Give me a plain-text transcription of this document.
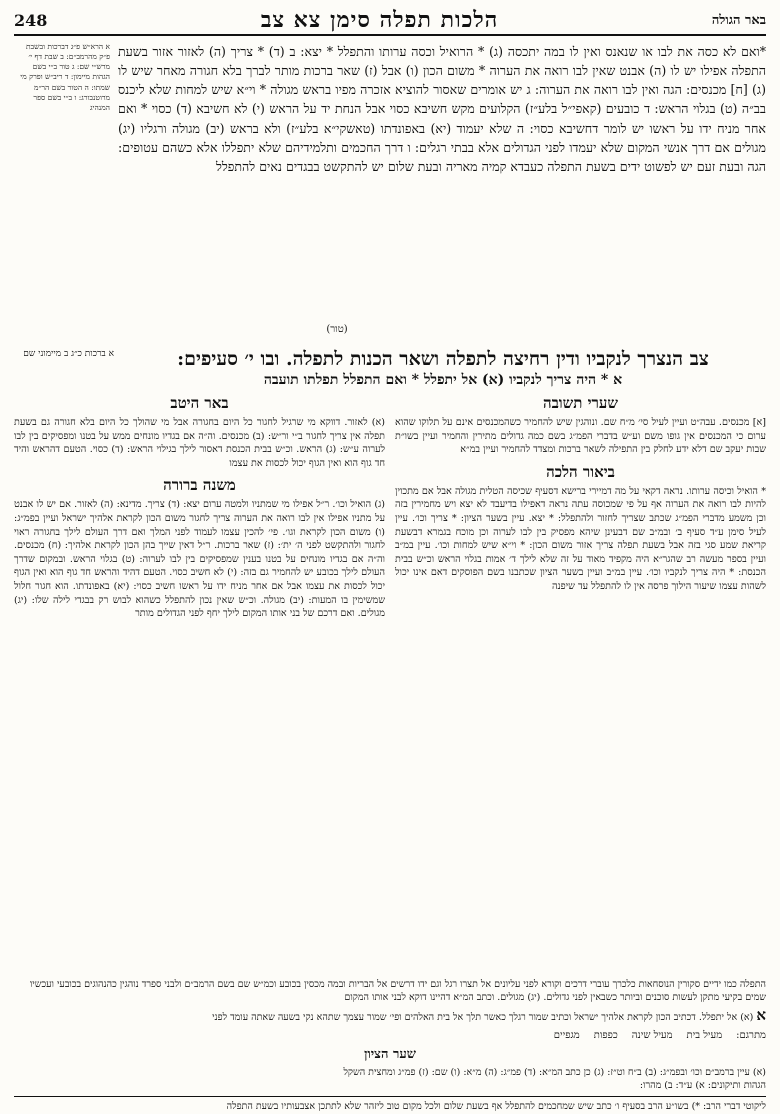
באר הגולה
הלכות תפלה סימן צא צב
248
*ואם לא כסה את לבו או שנאנס ואין לו במה יתכסה (ג) * הרואיל וכסה ערותו והתפלל * יצא: ב (ד) * צריך (ה) לאזור אזור בשעת התפלה אפילו יש לו (ה) אבנט שאין לבו רואה את הערוה * משום הכון (ו) אבל (ז) שאר ברכות מותר לברך בלא חגורה מאחר שיש לו (ג) [ח] מכנסים: הגה ואין לבו רואה את הערוה: ג יש אומרים שאסור להוציא אזכרה מפיו בראש מגולה * וי״א שיש למחות שלא ליכנס בב״ה (ט) בגלוי הראש: ד כובעים (קאפי״ל בלע״ז) הקלועים מקש חשיבא כסוי אבל הנחת יד על הראש (י) לא חשיבא (ד) כסוי * ואם אחר מניח ידו על ראשו יש לומר דחשיבא כסוי: ה שלא יעמוד (יא) באפונדתו (טאשקי״א בלע״ז) ולא בראש (יב) מגולה ורגליו (יג) מגולים אם דרך אנשי המקום שלא יעמדו לפני הגדולים אלא בבתי רגלים: ו דרך החכמים ותלמידיהם שלא יתפללו אלא כשהם עטופים: הגה ובעת זעם יש לפשוט ידים בשעת התפלה כעבדא קמיה מאריה ובעת שלום יש להתקשט בבגדים נאים להתפלל
א הרא״ש פ״ג דברכות ובשבת פ״ק מהרמב״ם: ב שבת דף י׳ מרש״י שם: ג טור ב״י בשם הגהות מיימון: ד ריב״ש ופרק מי שמתו: ה הטור בשם הר״מ מרוטנבורג: ו ב״י בשם ספר המנהיג
(טור)
א ברכות כ״ג ב מיימוני שם	צב הנצרך לנקביו ודין רחיצה לתפלה ושאר הכנות לתפלה. ובו י׳ סעיפים:
א * היה צריך לנקביו (א) אל יתפלל * ואם התפלל תפלתו תועבה
שערי תשובה
[א] מכנסים. עבה״ט ועיין לעיל סי׳ מ״ח שם. ונוהגין שיש להחמיר כשהמכנסים אינם על תלוקו שהוא ערום כי המכנסים אין גופו משם וע״ש בדברי הפמ״ג בשם כמה גדולים מתירין והחמיר ועיין בשו״ת שבות יעקב שם דלא ידע לחלק בין התפילה לשאר ברכות ומצדד להחמיר ועיין במ״א
ביאור הלכה
* הואיל וכיסה ערותו. נראה דקאי על מה דמיירי ברישא דסעיף שכיסה הטלית מגולה אבל אם מתכוין להיות לבו רואה את הערוה אף על פי שמכוסה עתה נראה דאפילו בדיעבד לא יצא ויש מחמירין בזה וכן משמע מדברי הפמ״ג שכתב שצריך לחזור ולהתפלל: * יצא. עיין בשער הציון: * צריך וכו׳. עיין לעיל סימן ע״ד סעיף ב׳ ובמ״ב שם דבעינן שיהא מפסיק בין לבו לערוה וכן מוכח בגמרא דבשעת קריאת שמע סגי בזה אבל בשעת תפלה צריך אזור משום הכון: * וי״א שיש למחות וכו׳. עיין במ״ב ועיין בספר מעשה רב שהגר״א היה מקפיד מאוד על זה שלא לילך ד׳ אמות בגלוי הראש וכ״ש בבית הכנסת: * היה צריך לנקביו וכו׳. עיין במ״ב ועיין בשער הציון שכתבנו בשם הפוסקים דאם אינו יכול לשהות עצמו שיעור הילוך פרסה אין לו להתפלל עד שיפנה
באר היטב
(א) לאזור. דווקא מי שרגיל לחגור כל היום בחגורה אבל מי שהולך כל היום בלא חגורה גם בשעת תפלה אין צריך לחגור ב״י ור״ש: (ב) מכנסים. וה״ה אם בגדיו מונחים ממש על בטנו ומפסיקים בין לבו לערוה ע״ש: (ג) הראש. וכ״ש בבית הכנסת דאסור לילך בגילוי הראש: (ד) כסוי. הטעם דהראש והיד חד גוף הוא ואין הגוף יכול לכסות את עצמו
משנה ברורה
(ג) הואיל וכו׳. ר״ל אפילו מי שמתניו ולמטה ערום יצא: (ד) צריך. מדינא: (ה) לאזור. אם יש לו אבנט על מתניו אפילו אין לבו רואה את הערוה צריך לחגור משום הכון לקראת אלהיך ישראל ועיין בפמ״ג: (ו) משום הכון לקראת וגו׳. פי׳ להכין עצמו לעמוד לפני המלך ואם דרך העולם לילך בחגורה ראוי לחגור ולהתקשט לפני ה׳ ית׳: (ז) שאר ברכות. ר״ל דאין שייך בהן הכון לקראת אלהיך: (ח) מכנסים. וה״ה אם בגדיו מונחים על בטנו בענין שמפסיקים בין לבו לערוה: (ט) בגלוי הראש. ובמקום שדרך העולם לילך בכובע יש להחמיר גם בזה: (י) לא חשיב כסוי. הטעם דהיד והראש חד גוף הוא ואין הגוף יכול לכסות את עצמו אבל אם אחר מניח ידו על ראשו חשיב כסוי: (יא) באפונדתו. הוא חגור חלול שמשימין בו המעות: (יב) מגולה. וכ״ש שאין נכון להתפלל כשהוא לבוש רק בבגדי לילה שלו: (יג) מגולים. ואם דרכם של בני אותו המקום לילך יחף לפני הגדולים מותר
התפלה כמו ידיים סקורין הנוסחאות כלכרך עוברי דרכים וקורא לפני עליונים אל תצרו רגל וגם ידו דרשים אל הבריות ובמה מכסין בכובע וכמ״ש שם בשם הרמב״ם ולבני ספרד נוהגין כהנהוגים בכובעי ועכשיו שמים בקיעי מתקן לעשות סוכנים וביותר כשבאין לפני גדולים. (יג) מגולים. וכתב המ״א דהיינו דוקא לבני אותו המקום
א (א) אל יתפלל. דכתיב הכון לקראת אלהיך ישראל וכתיב שמור רגלך כאשר תלך אל בית האלהים ופי׳ שמור עצמך שתהא נקי בשעה שאתה עומד לפני
מתרגם:
מעיל בית
מעיל שינה
כפפות
מגפיים
שער הציון
(א) עיין ברמב״ם וכו׳ ובפמ״ג: (ב) ב״ח וט״ז: (ג) כן כתב המ״א: (ד) פמ״ג: (ה) מ״א: (ו) שם: (ז) פמ״ג ומחצית השקל
הגהות ותיקונים: א) ע״ד: ב) מהרו:
ליקוטי דברי הרב: *) בשו״ע הרב בסעיף ו׳ כתב שיש שמחכמים להתפלל אף בשעת שלום ולכל מקום טוב ליזהר שלא לתתכן אצבעותיו בשעת התפלה
